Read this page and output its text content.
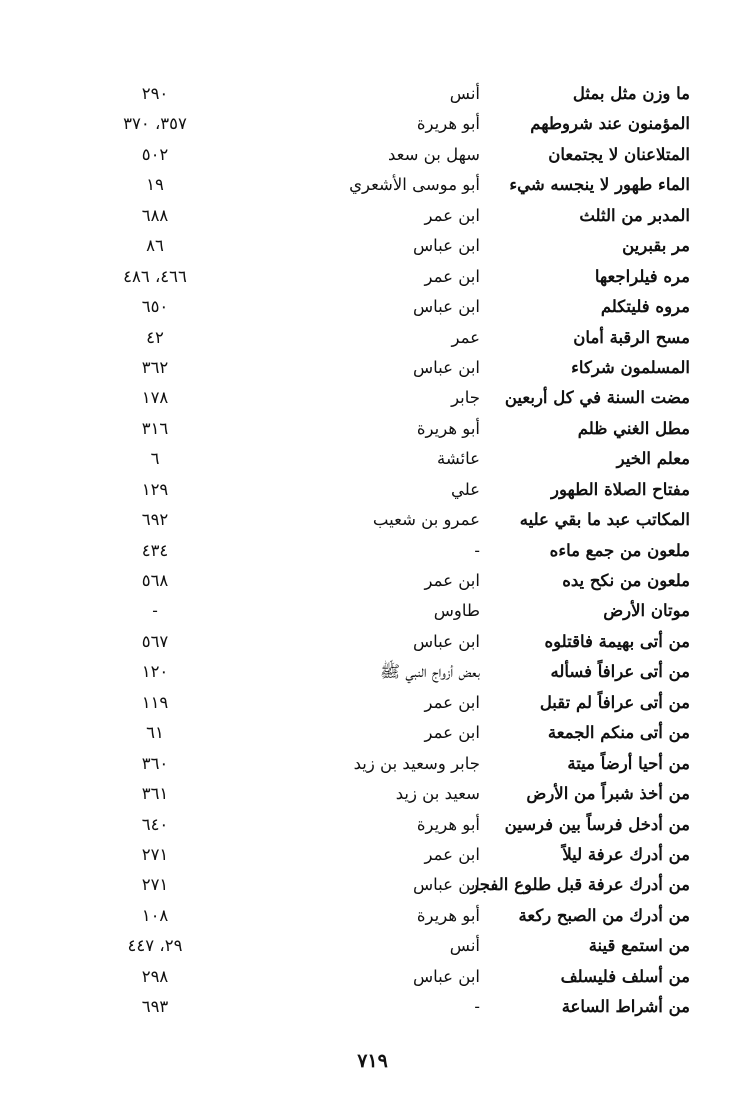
ما وزن مثل بمثل
أنس
٢٩٠
المؤمنون عند شروطهم
أبو هريرة
٣٥٧، ٣٧٠
المتلاعنان لا يجتمعان
سهل بن سعد
٥٠٢
الماء طهور لا ينجسه شيء
أبو موسى الأشعري
١٩
المدبر من الثلث
ابن عمر
٦٨٨
مر بقبرين
ابن عباس
٨٦
مره فيلراجعها
ابن عمر
٤٦٦، ٤٨٦
مروه فليتكلم
ابن عباس
٦٥٠
مسح الرقبة أمان
عمر
٤٢
المسلمون شركاء
ابن عباس
٣٦٢
مضت السنة في كل أربعين
جابر
١٧٨
مطل الغني ظلم
أبو هريرة
٣١٦
معلم الخير
عائشة
٦
مفتاح الصلاة الطهور
علي
١٢٩
المكاتب عبد ما بقي عليه
عمرو بن شعيب
٦٩٢
ملعون من جمع ماءه
-
٤٣٤
ملعون من نكح يده
ابن عمر
٥٦٨
موتان الأرض
طاوس
-
من أتى بهيمة فاقتلوه
ابن عباس
٥٦٧
من أتى عرافاً فسأله
بعض أزواج النبي ﷺ
١٢٠
من أتى عرافاً لم تقبل
ابن عمر
١١٩
من أتى منكم الجمعة
ابن عمر
٦١
من أحيا أرضاً ميتة
جابر وسعيد بن زيد
٣٦٠
من أخذ شبراً من الأرض
سعيد بن زيد
٣٦١
من أدخل فرساً بين فرسين
أبو هريرة
٦٤٠
من أدرك عرفة ليلاً
ابن عمر
٢٧١
من أدرك عرفة قبل طلوع الفجر
ابن عباس
٢٧١
من أدرك من الصبح ركعة
أبو هريرة
١٠٨
من استمع قينة
أنس
٢٩، ٤٤٧
من أسلف فليسلف
ابن عباس
٢٩٨
من أشراط الساعة
-
٦٩٣
٧١٩
